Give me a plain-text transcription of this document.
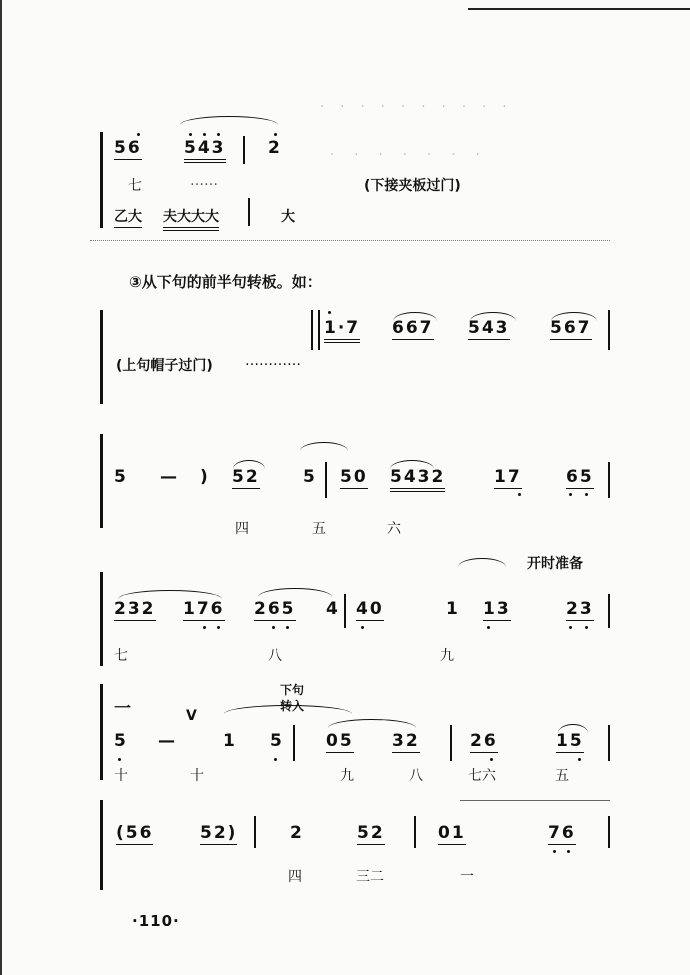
· · · · · · · · · ·
· · · · · · ·
56 543	2
七	……	(下接夹板过门)
乙大 夫大大大	大
③从下句的前半句转板。如：
1·7 667 543 567
(上句帽子过门) …………
5 — ) 52	5 50 5432	17	65
四	五	六
开时准备
232 176 265 4 40	1 13	23
七	八	九
一
下句
转入
V
5 —	1 5 05 32	26	15
十	十	九	八	七六	五
(56	52)	2	52	01	76
四	三二	一
·110·
